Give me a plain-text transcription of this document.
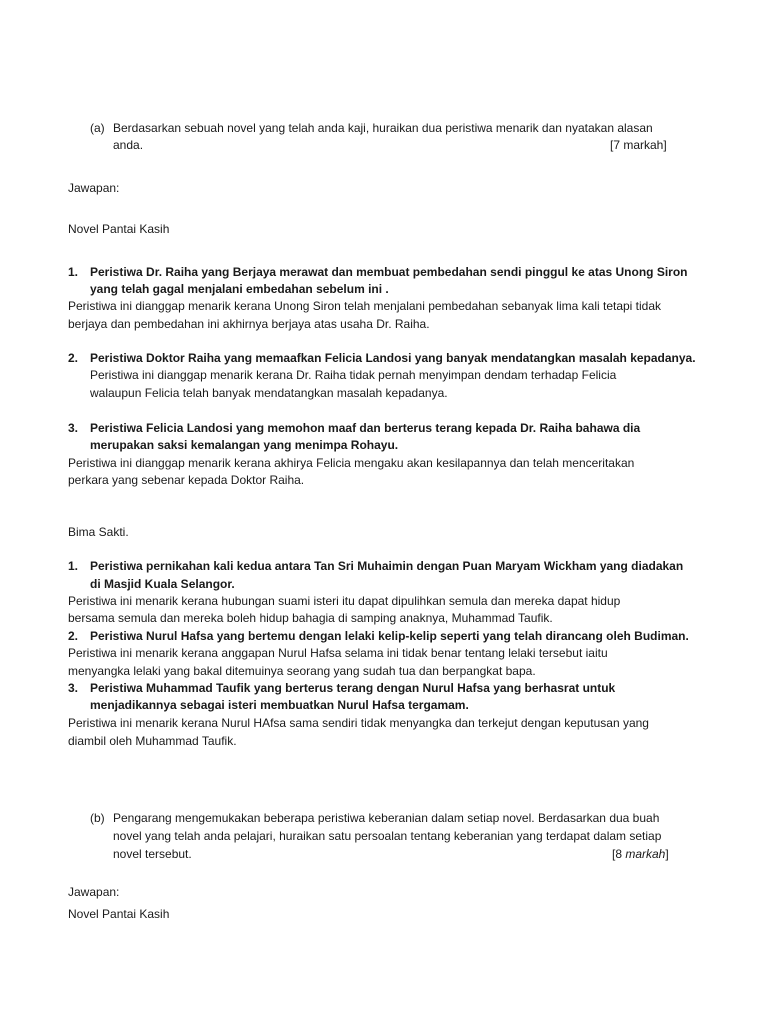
(a) Berdasarkan sebuah novel yang telah anda kaji, huraikan dua peristiwa menarik dan nyatakan alasan
anda.	[7 markah]
Jawapan:
Novel Pantai Kasih
1. Peristiwa Dr. Raiha yang Berjaya merawat dan membuat pembedahan sendi pinggul ke atas Unong Siron
yang telah gagal menjalani embedahan sebelum ini .
Peristiwa ini dianggap menarik kerana Unong Siron telah menjalani pembedahan sebanyak lima kali tetapi tidak
berjaya dan pembedahan ini akhirnya berjaya atas usaha Dr. Raiha.
2. Peristiwa Doktor Raiha yang memaafkan Felicia Landosi yang banyak mendatangkan masalah kepadanya.
Peristiwa ini dianggap menarik kerana Dr. Raiha tidak pernah menyimpan dendam terhadap Felicia
walaupun Felicia telah banyak mendatangkan masalah kepadanya.
3. Peristiwa Felicia Landosi yang memohon maaf dan berterus terang kepada Dr. Raiha bahawa dia
merupakan saksi kemalangan yang menimpa Rohayu.
Peristiwa ini dianggap menarik kerana akhirya Felicia mengaku akan kesilapannya dan telah menceritakan
perkara yang sebenar kepada Doktor Raiha.
Bima Sakti.
1. Peristiwa pernikahan kali kedua antara Tan Sri Muhaimin dengan Puan Maryam Wickham yang diadakan
di Masjid Kuala Selangor.
Peristiwa ini menarik kerana hubungan suami isteri itu dapat dipulihkan semula dan mereka dapat hidup
bersama semula dan mereka boleh hidup bahagia di samping anaknya, Muhammad Taufik.
2. Peristiwa Nurul Hafsa yang bertemu dengan lelaki kelip-kelip seperti yang telah dirancang oleh Budiman.
Peristiwa ini menarik kerana anggapan Nurul Hafsa selama ini tidak benar tentang lelaki tersebut iaitu
menyangka lelaki yang bakal ditemuinya seorang yang sudah tua dan berpangkat bapa.
3. Peristiwa Muhammad Taufik yang berterus terang dengan Nurul Hafsa yang berhasrat untuk
menjadikannya sebagai isteri membuatkan Nurul Hafsa tergamam.
Peristiwa ini menarik kerana Nurul HAfsa sama sendiri tidak menyangka dan terkejut dengan keputusan yang
diambil oleh Muhammad Taufik.
(b) Pengarang mengemukakan beberapa peristiwa keberanian dalam setiap novel. Berdasarkan dua buah
novel yang telah anda pelajari, huraikan satu persoalan tentang keberanian yang terdapat dalam setiap
novel tersebut.	[8 markah]
Jawapan:
Novel Pantai Kasih
